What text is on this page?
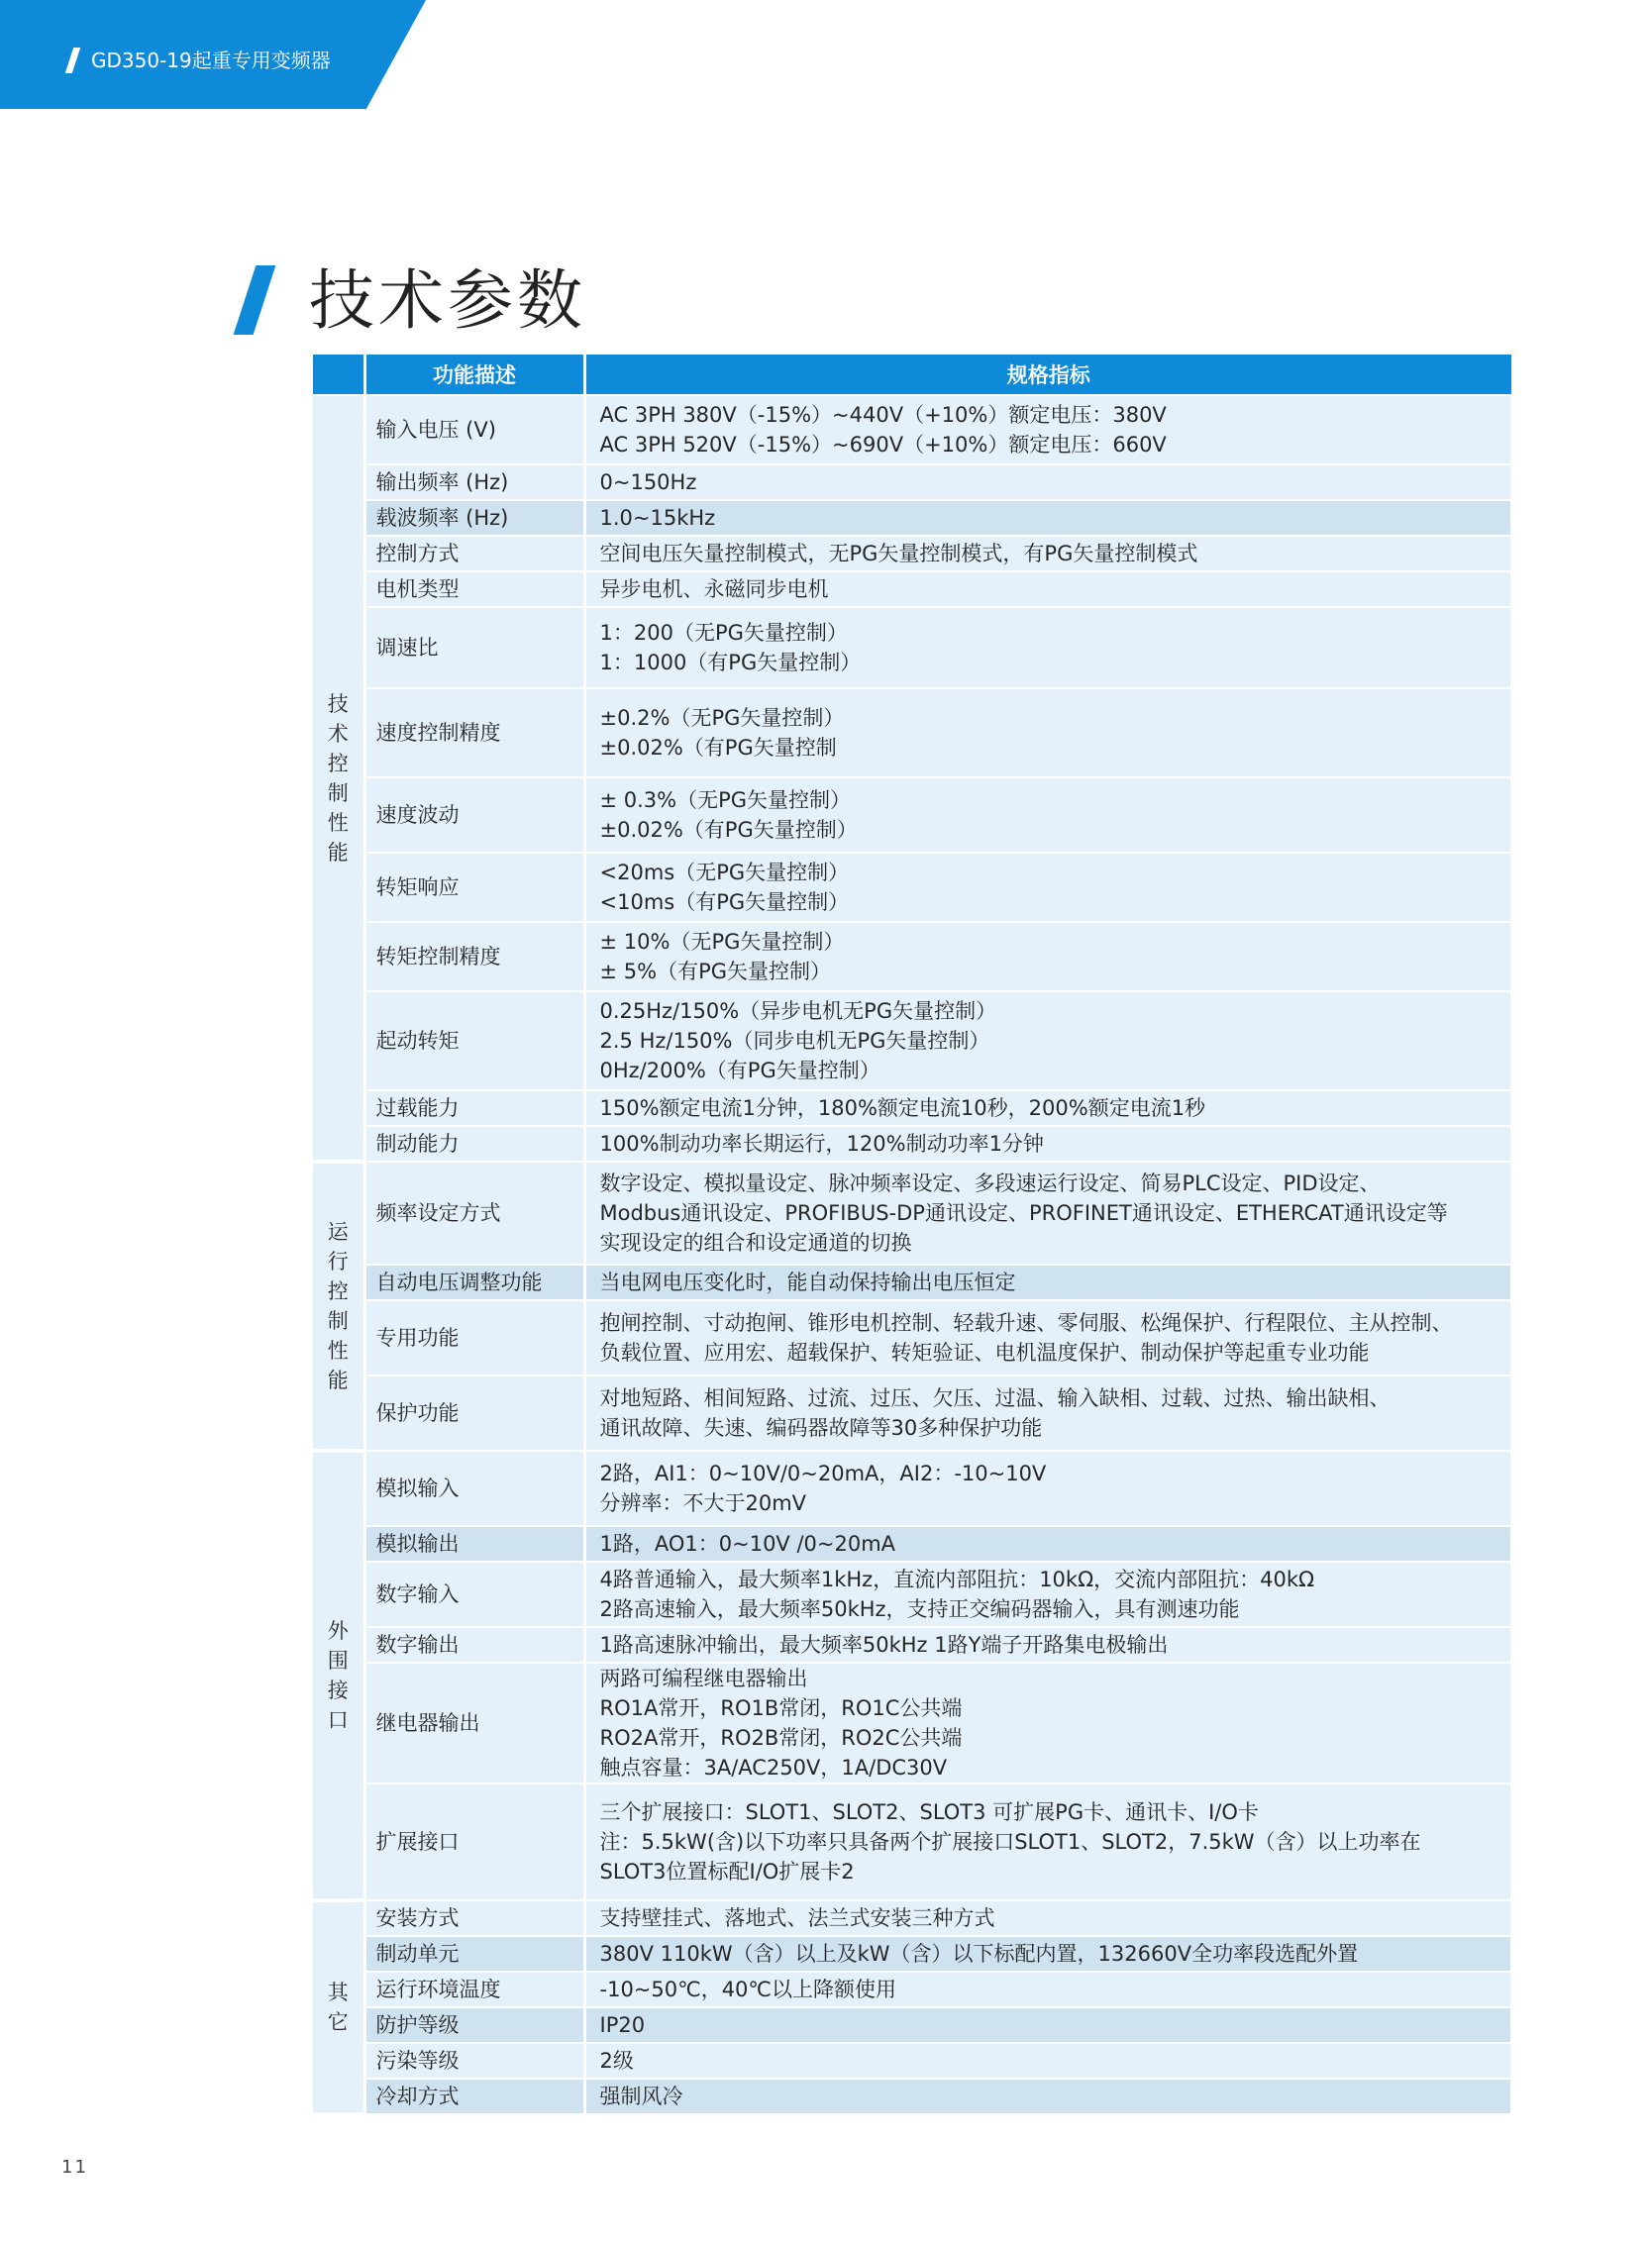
GD350-19起重专用变频器
技术参数
	功能描述	规格指标
技术控制性能	输入电压 (V)	AC 3PH 380V（-15%）~440V（+10%）额定电压：380V
AC 3PH 520V（-15%）~690V（+10%）额定电压：660V

	输出频率 (Hz)	0~150Hz

	载波频率 (Hz)	1.0~15kHz

	控制方式	空间电压矢量控制模式，无PG矢量控制模式，有PG矢量控制模式

	电机类型	异步电机、永磁同步电机

	调速比	1：200（无PG矢量控制）
1：1000（有PG矢量控制）

	速度控制精度	±0.2%（无PG矢量控制）
±0.02%（有PG矢量控制

	速度波动	± 0.3%（无PG矢量控制）
±0.02%（有PG矢量控制）

	转矩响应	<20ms（无PG矢量控制）
<10ms（有PG矢量控制）

	转矩控制精度	± 10%（无PG矢量控制）
± 5%（有PG矢量控制）

	起动转矩	0.25Hz/150%（异步电机无PG矢量控制）
2.5 Hz/150%（同步电机无PG矢量控制）
0Hz/200%（有PG矢量控制）

	过载能力	150%额定电流1分钟，180%额定电流10秒，200%额定电流1秒

	制动能力	100%制动功率长期运行，120%制动功率1分钟

运行控制性能	频率设定方式	数字设定、模拟量设定、脉冲频率设定、多段速运行设定、简易PLC设定、PID设定、
Modbus通讯设定、PROFIBUS-DP通讯设定、PROFINET通讯设定、ETHERCAT通讯设定等
实现设定的组合和设定通道的切换

	自动电压调整功能	当电网电压变化时，能自动保持输出电压恒定

	专用功能	抱闸控制、寸动抱闸、锥形电机控制、轻载升速、零伺服、松绳保护、行程限位、主从控制、
负载位置、应用宏、超载保护、转矩验证、电机温度保护、制动保护等起重专业功能

	保护功能	对地短路、相间短路、过流、过压、欠压、过温、输入缺相、过载、过热、输出缺相、
通讯故障、失速、编码器故障等30多种保护功能

外围接口	模拟输入	2路，AI1：0~10V/0~20mA，AI2：-10~10V
分辨率：不大于20mV

	模拟输出	1路，AO1：0~10V /0~20mA

	数字输入	4路普通输入，最大频率1kHz，直流内部阻抗：10kΩ，交流内部阻抗：40kΩ
2路高速输入，最大频率50kHz，支持正交编码器输入，具有测速功能

	数字输出	1路高速脉冲输出，最大频率50kHz 1路Y端子开路集电极输出

	继电器输出	两路可编程继电器输出
RO1A常开，RO1B常闭，RO1C公共端
RO2A常开，RO2B常闭，RO2C公共端
触点容量：3A/AC250V，1A/DC30V

	扩展接口	三个扩展接口：SLOT1、SLOT2、SLOT3 可扩展PG卡、通讯卡、I/O卡
注：5.5kW(含)以下功率只具备两个扩展接口SLOT1、SLOT2，7.5kW（含）以上功率在
SLOT3位置标配I/O扩展卡2

其它	安装方式	支持壁挂式、落地式、法兰式安装三种方式

	制动单元	380V 110kW（含）以上及kW（含）以下标配内置，132660V全功率段选配外置

	运行环境温度	-10~50℃，40℃以上降额使用

	防护等级	IP20

	污染等级	2级

	冷却方式	强制风冷
11
